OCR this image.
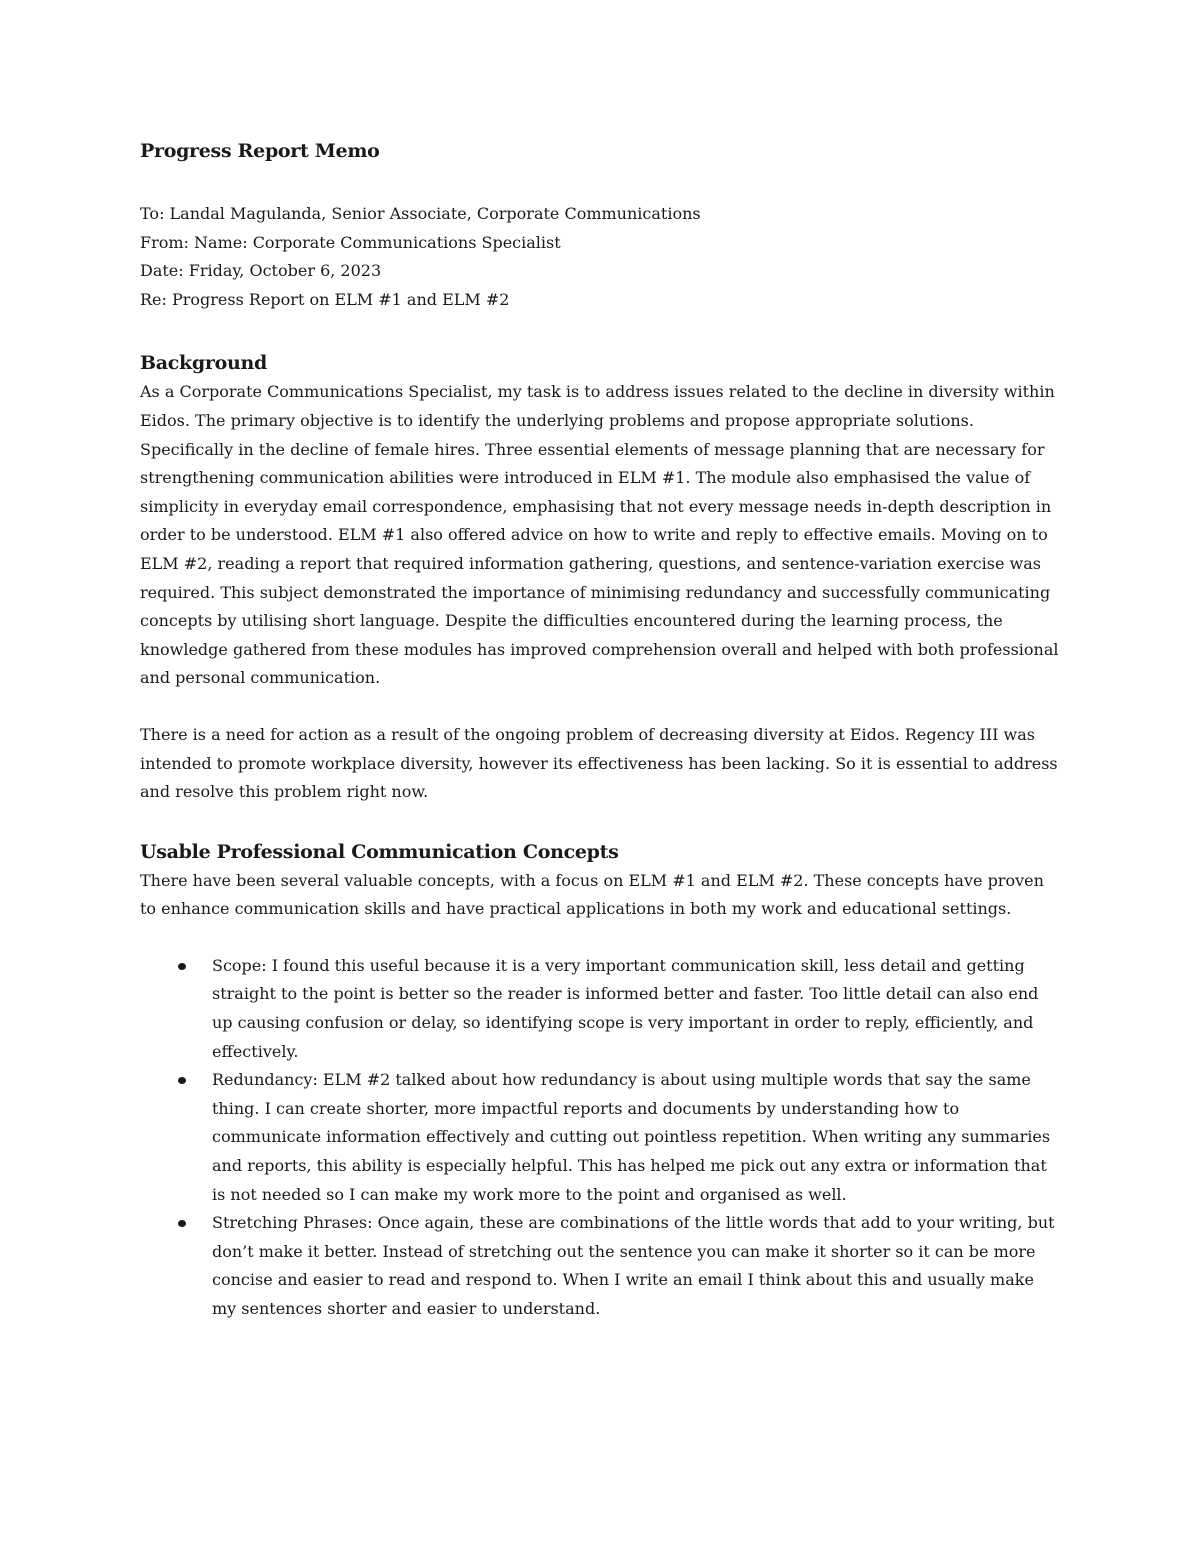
Progress Report Memo

To: Landal Magulanda, Senior Associate, Corporate Communications

From: Name: Corporate Communications Specialist

Date: Friday, October 6, 2023

Re: Progress Report on ELM #1 and ELM #2

Background

As a Corporate Communications Specialist, my task is to address issues related to the decline in diversity within Eidos. The primary objective is to identify the underlying problems and propose appropriate solutions. Specifically in the decline of female hires. Three essential elements of message planning that are necessary for strengthening communication abilities were introduced in ELM #1. The module also emphasised the value of simplicity in everyday email correspondence, emphasising that not every message needs in-depth description in order to be understood. ELM #1 also offered advice on how to write and reply to effective emails. Moving on to ELM #2, reading a report that required information gathering, questions, and sentence-variation exercise was required. This subject demonstrated the importance of minimising redundancy and successfully communicating concepts by utilising short language. Despite the difficulties encountered during the learning process, the knowledge gathered from these modules has improved comprehension overall and helped with both professional and personal communication.

There is a need for action as a result of the ongoing problem of decreasing diversity at Eidos. Regency III was intended to promote workplace diversity, however its effectiveness has been lacking. So it is essential to address and resolve this problem right now.

Usable Professional Communication Concepts

There have been several valuable concepts, with a focus on ELM #1 and ELM #2. These concepts have proven to enhance communication skills and have practical applications in both my work and educational settings.

Scope: I found this useful because it is a very important communication skill, less detail and getting straight to the point is better so the reader is informed better and faster. Too little detail can also end up causing confusion or delay, so identifying scope is very important in order to reply, efficiently, and effectively.
Redundancy: ELM #2 talked about how redundancy is about using multiple words that say the same thing. I can create shorter, more impactful reports and documents by understanding how to communicate information effectively and cutting out pointless repetition. When writing any summaries and reports, this ability is especially helpful. This has helped me pick out any extra or information that is not needed so I can make my work more to the point and organised as well.
Stretching Phrases: Once again, these are combinations of the little words that add to your writing, but don’t make it better. Instead of stretching out the sentence you can make it shorter so it can be more concise and easier to read and respond to. When I write an email I think about this and usually make my sentences shorter and easier to understand.
